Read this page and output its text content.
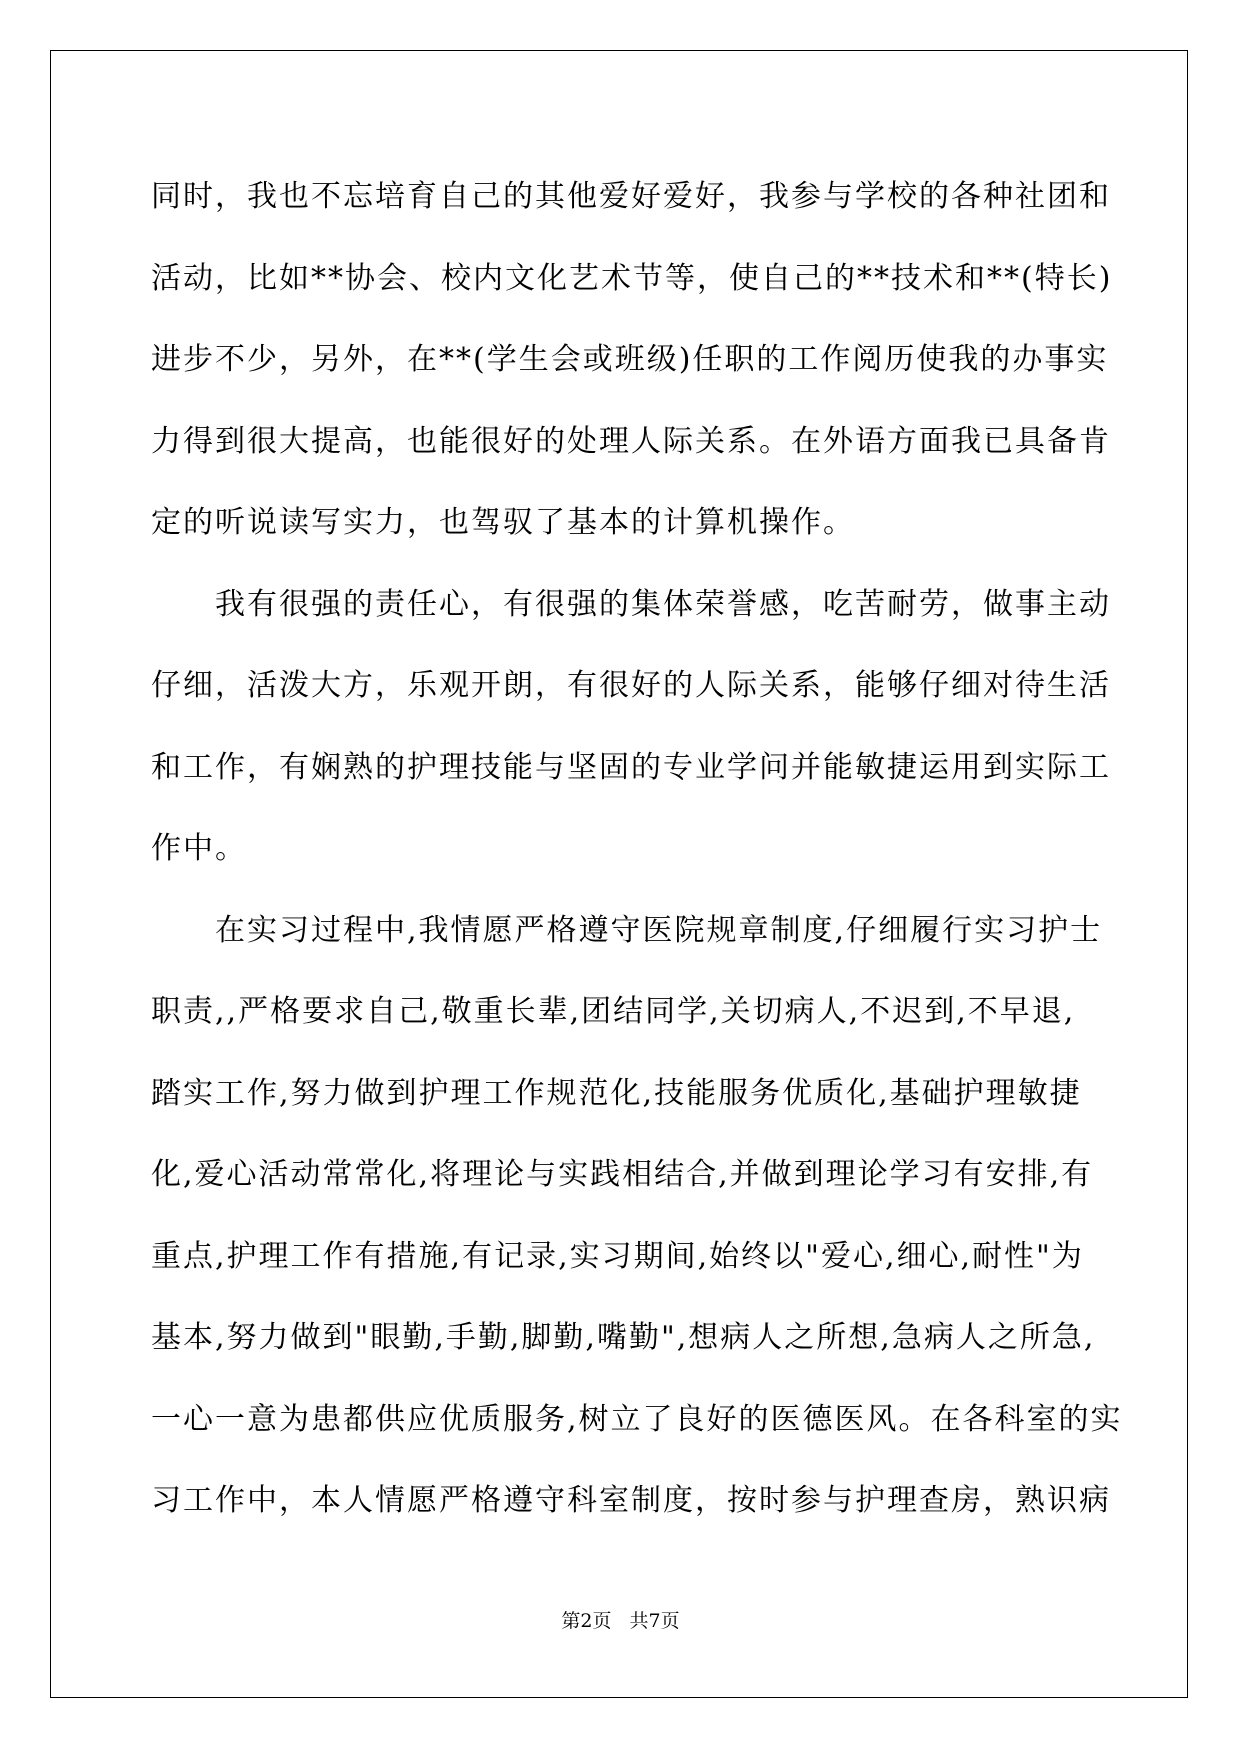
同时，我也不忘培育自己的其他爱好爱好，我参与学校的各种社团和
活动，比如**协会、校内文化艺术节等，使自己的**技术和**(特长)
进步不少，另外，在**(学生会或班级)任职的工作阅历使我的办事实
力得到很大提高，也能很好的处理人际关系。在外语方面我已具备肯
定的听说读写实力，也驾驭了基本的计算机操作。
　　我有很强的责任心，有很强的集体荣誉感，吃苦耐劳，做事主动
仔细，活泼大方，乐观开朗，有很好的人际关系，能够仔细对待生活
和工作，有娴熟的护理技能与坚固的专业学问并能敏捷运用到实际工
作中。
　　在实习过程中,我情愿严格遵守医院规章制度,仔细履行实习护士
职责,,严格要求自己,敬重长辈,团结同学,关切病人,不迟到,不早退,
踏实工作,努力做到护理工作规范化,技能服务优质化,基础护理敏捷
化,爱心活动常常化,将理论与实践相结合,并做到理论学习有安排,有
重点,护理工作有措施,有记录,实习期间,始终以"爱心,细心,耐性"为
基本,努力做到"眼勤,手勤,脚勤,嘴勤",想病人之所想,急病人之所急,
一心一意为患都供应优质服务,树立了良好的医德医风。在各科室的实
习工作中，本人情愿严格遵守科室制度，按时参与护理查房，熟识病
第2页 共7页
